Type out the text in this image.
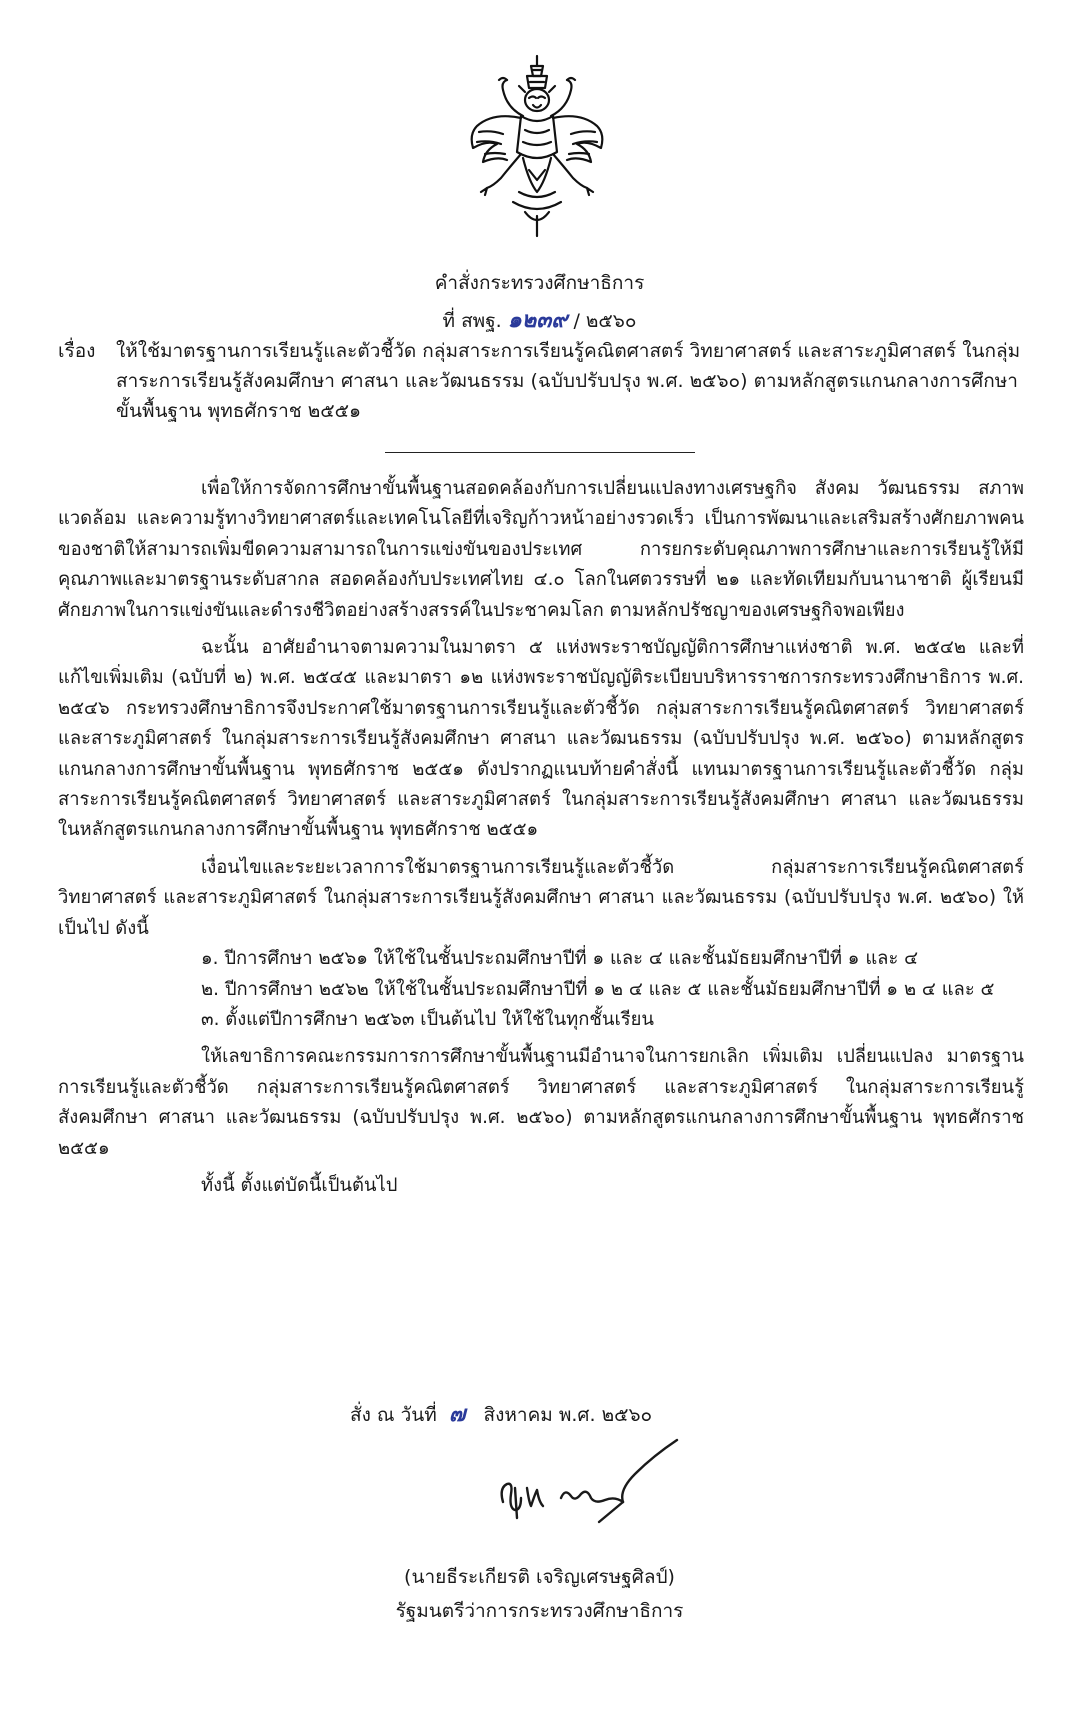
คำสั่งกระทรวงศึกษาธิการ
ที่ สพฐ. ๑๒๓๙ / ๒๕๖๐
เรื่อง ให้ใช้มาตรฐานการเรียนรู้และตัวชี้วัด กลุ่มสาระการเรียนรู้คณิตศาสตร์ วิทยาศาสตร์ และสาระภูมิศาสตร์ ในกลุ่มสาระการเรียนรู้สังคมศึกษา ศาสนา และวัฒนธรรม (ฉบับปรับปรุง พ.ศ. ๒๕๖๐) ตามหลักสูตรแกนกลางการศึกษาขั้นพื้นฐาน พุทธศักราช ๒๕๕๑

เพื่อให้การจัดการศึกษาขั้นพื้นฐานสอดคล้องกับการเปลี่ยนแปลงทางเศรษฐกิจ สังคม วัฒนธรรม สภาพแวดล้อม และความรู้ทางวิทยาศาสตร์และเทคโนโลยีที่เจริญก้าวหน้าอย่างรวดเร็ว เป็นการพัฒนาและเสริมสร้างศักยภาพคนของชาติให้สามารถเพิ่มขีดความสามารถในการแข่งขันของประเทศ การยกระดับคุณภาพการศึกษาและการเรียนรู้ให้มีคุณภาพและมาตรฐานระดับสากล สอดคล้องกับประเทศไทย ๔.๐ โลกในศตวรรษที่ ๒๑ และทัดเทียมกับนานาชาติ ผู้เรียนมีศักยภาพในการแข่งขันและดำรงชีวิตอย่างสร้างสรรค์ในประชาคมโลก ตามหลักปรัชญาของเศรษฐกิจพอเพียง

ฉะนั้น อาศัยอำนาจตามความในมาตรา ๕ แห่งพระราชบัญญัติการศึกษาแห่งชาติ พ.ศ. ๒๕๔๒ และที่แก้ไขเพิ่มเติม (ฉบับที่ ๒) พ.ศ. ๒๕๔๕ และมาตรา ๑๒ แห่งพระราชบัญญัติระเบียบบริหารราชการกระทรวงศึกษาธิการ พ.ศ. ๒๕๔๖ กระทรวงศึกษาธิการจึงประกาศใช้มาตรฐานการเรียนรู้และตัวชี้วัด กลุ่มสาระการเรียนรู้คณิตศาสตร์ วิทยาศาสตร์ และสาระภูมิศาสตร์ ในกลุ่มสาระการเรียนรู้สังคมศึกษา ศาสนา และวัฒนธรรม (ฉบับปรับปรุง พ.ศ. ๒๕๖๐) ตามหลักสูตรแกนกลางการศึกษาขั้นพื้นฐาน พุทธศักราช ๒๕๕๑ ดังปรากฏแนบท้ายคำสั่งนี้ แทนมาตรฐานการเรียนรู้และตัวชี้วัด กลุ่มสาระการเรียนรู้คณิตศาสตร์ วิทยาศาสตร์ และสาระภูมิศาสตร์ ในกลุ่มสาระการเรียนรู้สังคมศึกษา ศาสนา และวัฒนธรรม ในหลักสูตรแกนกลางการศึกษาขั้นพื้นฐาน พุทธศักราช ๒๕๕๑

เงื่อนไขและระยะเวลาการใช้มาตรฐานการเรียนรู้และตัวชี้วัด กลุ่มสาระการเรียนรู้คณิตศาสตร์ วิทยาศาสตร์ และสาระภูมิศาสตร์ ในกลุ่มสาระการเรียนรู้สังคมศึกษา ศาสนา และวัฒนธรรม (ฉบับปรับปรุง พ.ศ. ๒๕๖๐) ให้เป็นไป ดังนี้

๑. ปีการศึกษา ๒๕๖๑ ให้ใช้ในชั้นประถมศึกษาปีที่ ๑ และ ๔ และชั้นมัธยมศึกษาปีที่ ๑ และ ๔

๒. ปีการศึกษา ๒๕๖๒ ให้ใช้ในชั้นประถมศึกษาปีที่ ๑ ๒ ๔ และ ๕ และชั้นมัธยมศึกษาปีที่ ๑ ๒ ๔ และ ๕

๓. ตั้งแต่ปีการศึกษา ๒๕๖๓ เป็นต้นไป ให้ใช้ในทุกชั้นเรียน

ให้เลขาธิการคณะกรรมการการศึกษาขั้นพื้นฐานมีอำนาจในการยกเลิก เพิ่มเติม เปลี่ยนแปลง มาตรฐานการเรียนรู้และตัวชี้วัด กลุ่มสาระการเรียนรู้คณิตศาสตร์ วิทยาศาสตร์ และสาระภูมิศาสตร์ ในกลุ่มสาระการเรียนรู้สังคมศึกษา ศาสนา และวัฒนธรรม (ฉบับปรับปรุง พ.ศ. ๒๕๖๐) ตามหลักสูตรแกนกลางการศึกษาขั้นพื้นฐาน พุทธศักราช ๒๕๕๑

ทั้งนี้ ตั้งแต่บัดนี้เป็นต้นไป

สั่ง ณ วันที่ ๗ สิงหาคม พ.ศ. ๒๕๖๐
(นายธีระเกียรติ เจริญเศรษฐศิลป์)
รัฐมนตรีว่าการกระทรวงศึกษาธิการ
